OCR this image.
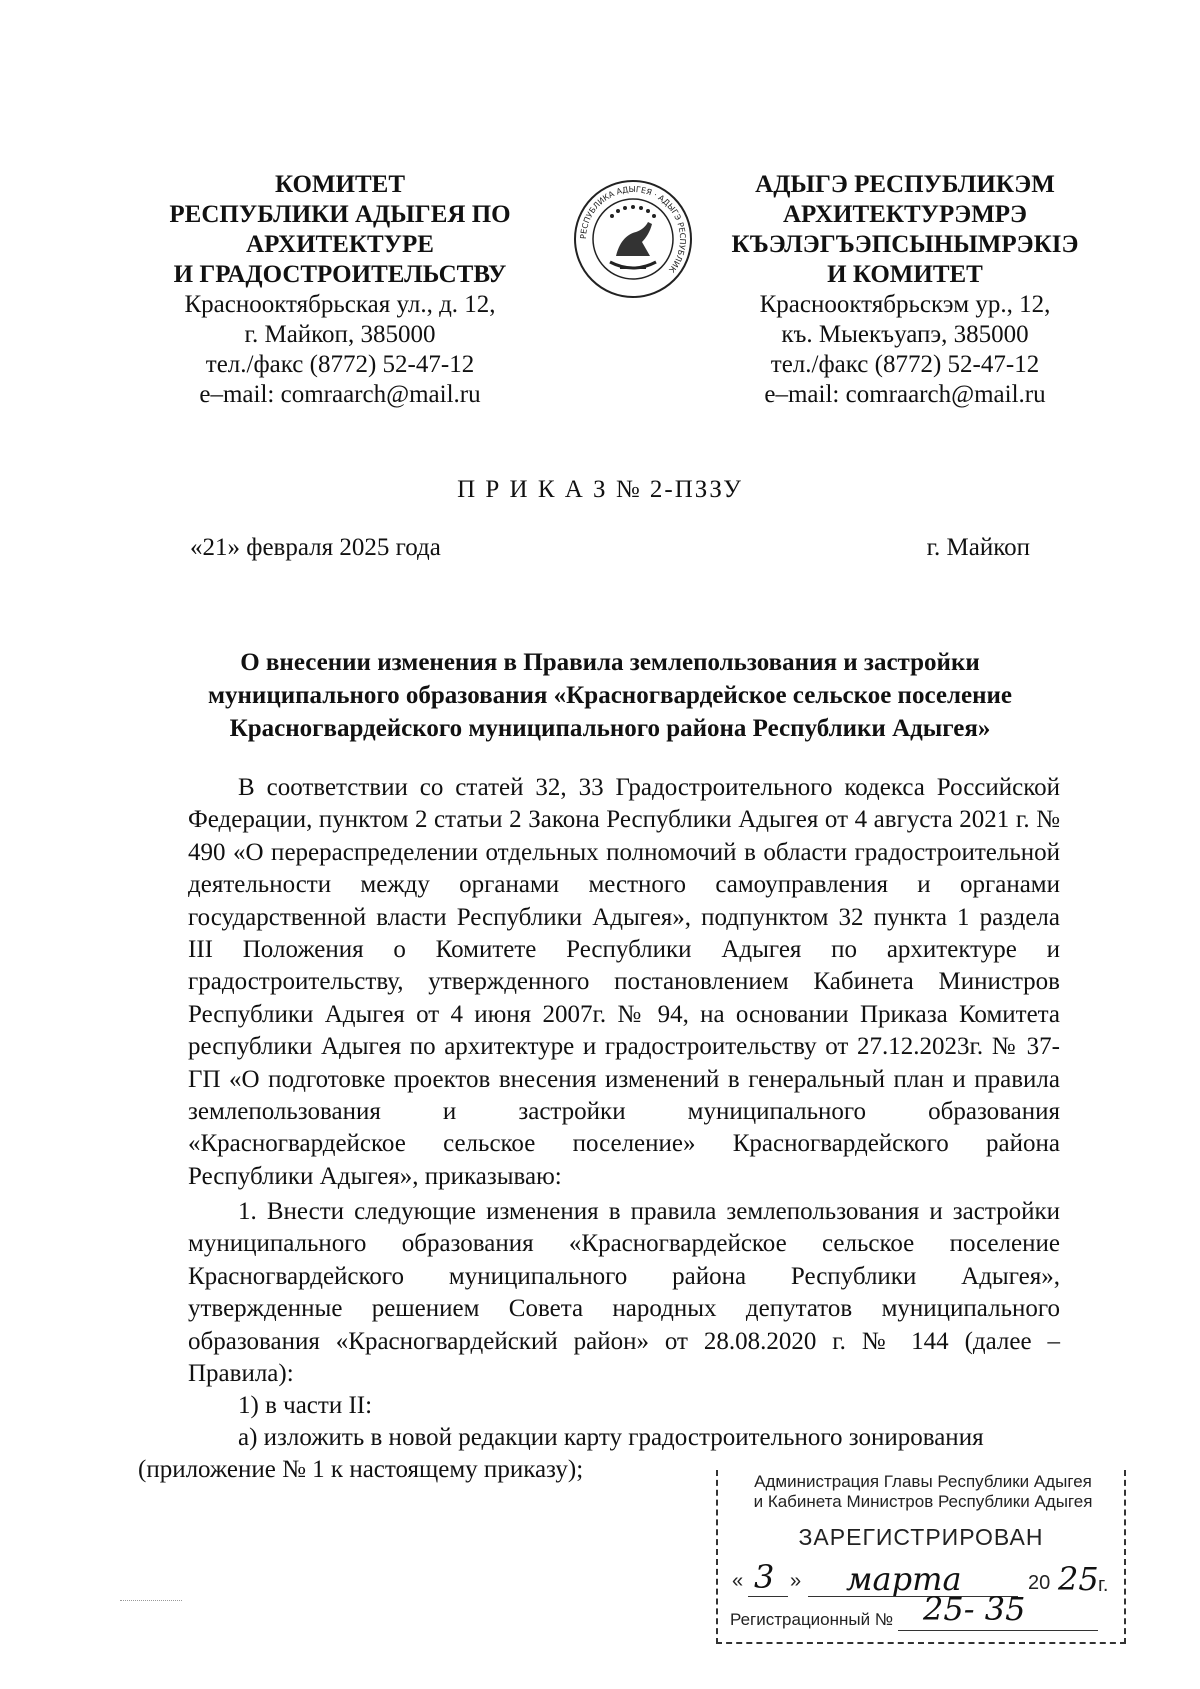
КОМИТЕТ
РЕСПУБЛИКИ АДЫГЕЯ ПО
АРХИТЕКТУРЕ
И ГРАДОСТРОИТЕЛЬСТВУ
Краснооктябрьская ул., д. 12,
г. Майкоп, 385000
тел./факс (8772) 52-47-12
e–mail: comraarch@mail.ru
РЕСПУБЛИКА АДЫГЕЯ · АДЫГЭ РЕСПУБЛИК
АДЫГЭ РЕСПУБЛИКЭМ
АРХИТЕКТУРЭМРЭ
КЪЭЛЭГЪЭПСЫНЫМРЭКIЭ
И КОМИТЕТ
Краснооктябрьскэм ур., 12,
къ. Мыекъуапэ, 385000
тел./факс (8772) 52-47-12
e–mail: comraarch@mail.ru
П Р И К А З № 2-ПЗЗУ
«21» февраля 2025 года	г. Майкоп
О внесении изменения в Правила землепользования и застройки
муниципального образования «Красногвардейское сельское поселение
Красногвардейского муниципального района Республики Адыгея»
В соответствии со статей 32, 33 Градостроительного кодекса Российской Федерации, пунктом 2 статьи 2 Закона Республики Адыгея от 4 августа 2021 г. № 490 «О перераспределении отдельных полномочий в области градостроительной деятельности между органами местного самоуправления и органами государственной власти Республики Адыгея», подпунктом 32 пункта 1 раздела III Положения о Комитете Республики Адыгея по архитектуре и градостроительству, утвержденного постановлением Кабинета Министров Республики Адыгея от 4 июня 2007г. № 94, на основании Приказа Комитета республики Адыгея по архитектуре и градостроительству от 27.12.2023г. № 37-ГП «О подготовке проектов внесения изменений в генеральный план и правила землепользования и застройки муниципального образования «Красногвардейское сельское поселение» Красногвардейского района Республики Адыгея», приказываю:
1. Внести следующие изменения в правила землепользования и застройки муниципального образования «Красногвардейское сельское поселение Красногвардейского муниципального района Республики Адыгея», утвержденные решением Совета народных депутатов муниципального образования «Красногвардейский район» от 28.08.2020 г. № 144 (далее – Правила):
1) в части II:
а) изложить в новой редакции карту градостроительного зонирования
(приложение № 1 к настоящему приказу);	Администрация Главы Республики Адыгея
и Кабинета Министров Республики Адыгея
ЗАРЕГИСТРИРОВАН
« 3 » марта	20 25 г.
Регистрационный № 25- 35
